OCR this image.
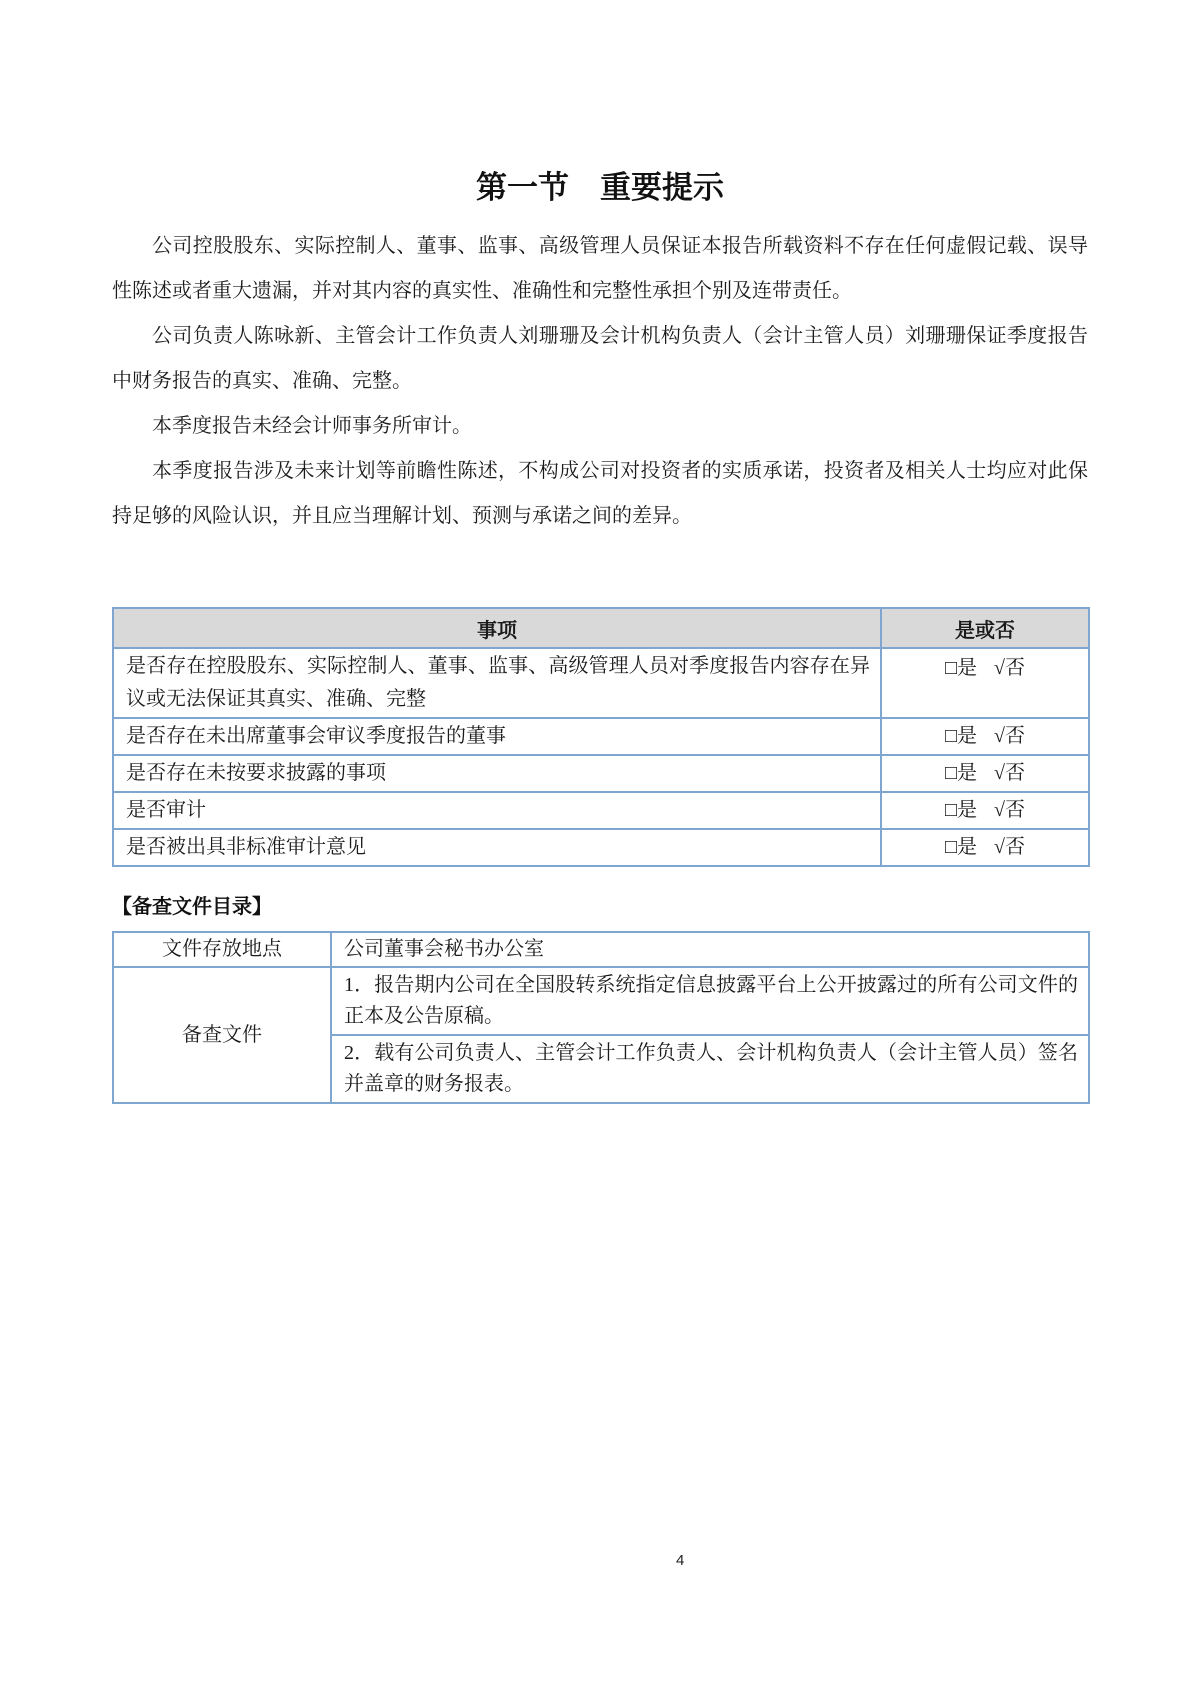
第一节　重要提示

公司控股股东、实际控制人、董事、监事、高级管理人员保证本报告所载资料不存在任何虚假记载、误导性陈述或者重大遗漏，并对其内容的真实性、准确性和完整性承担个别及连带责任。

公司负责人陈咏新、主管会计工作负责人刘珊珊及会计机构负责人（会计主管人员）刘珊珊保证季度报告中财务报告的真实、准确、完整。

本季度报告未经会计师事务所审计。

本季度报告涉及未来计划等前瞻性陈述，不构成公司对投资者的实质承诺，投资者及相关人士均应对此保持足够的风险认识，并且应当理解计划、预测与承诺之间的差异。

事项	是或否
是否存在控股股东、实际控制人、董事、监事、高级管理人员对季度报告内容存在异议或无法保证其真实、准确、完整	□是 √否
是否存在未出席董事会审议季度报告的董事	□是 √否
是否存在未按要求披露的事项	□是 √否
是否审计	□是 √否
是否被出具非标准审计意见	□是 √否
【备查文件目录】
文件存放地点	公司董事会秘书办公室
备查文件	1．报告期内公司在全国股转系统指定信息披露平台上公开披露过的所有公司文件的正本及公告原稿。
	2．载有公司负责人、主管会计工作负责人、会计机构负责人（会计主管人员）签名并盖章的财务报表。
4
